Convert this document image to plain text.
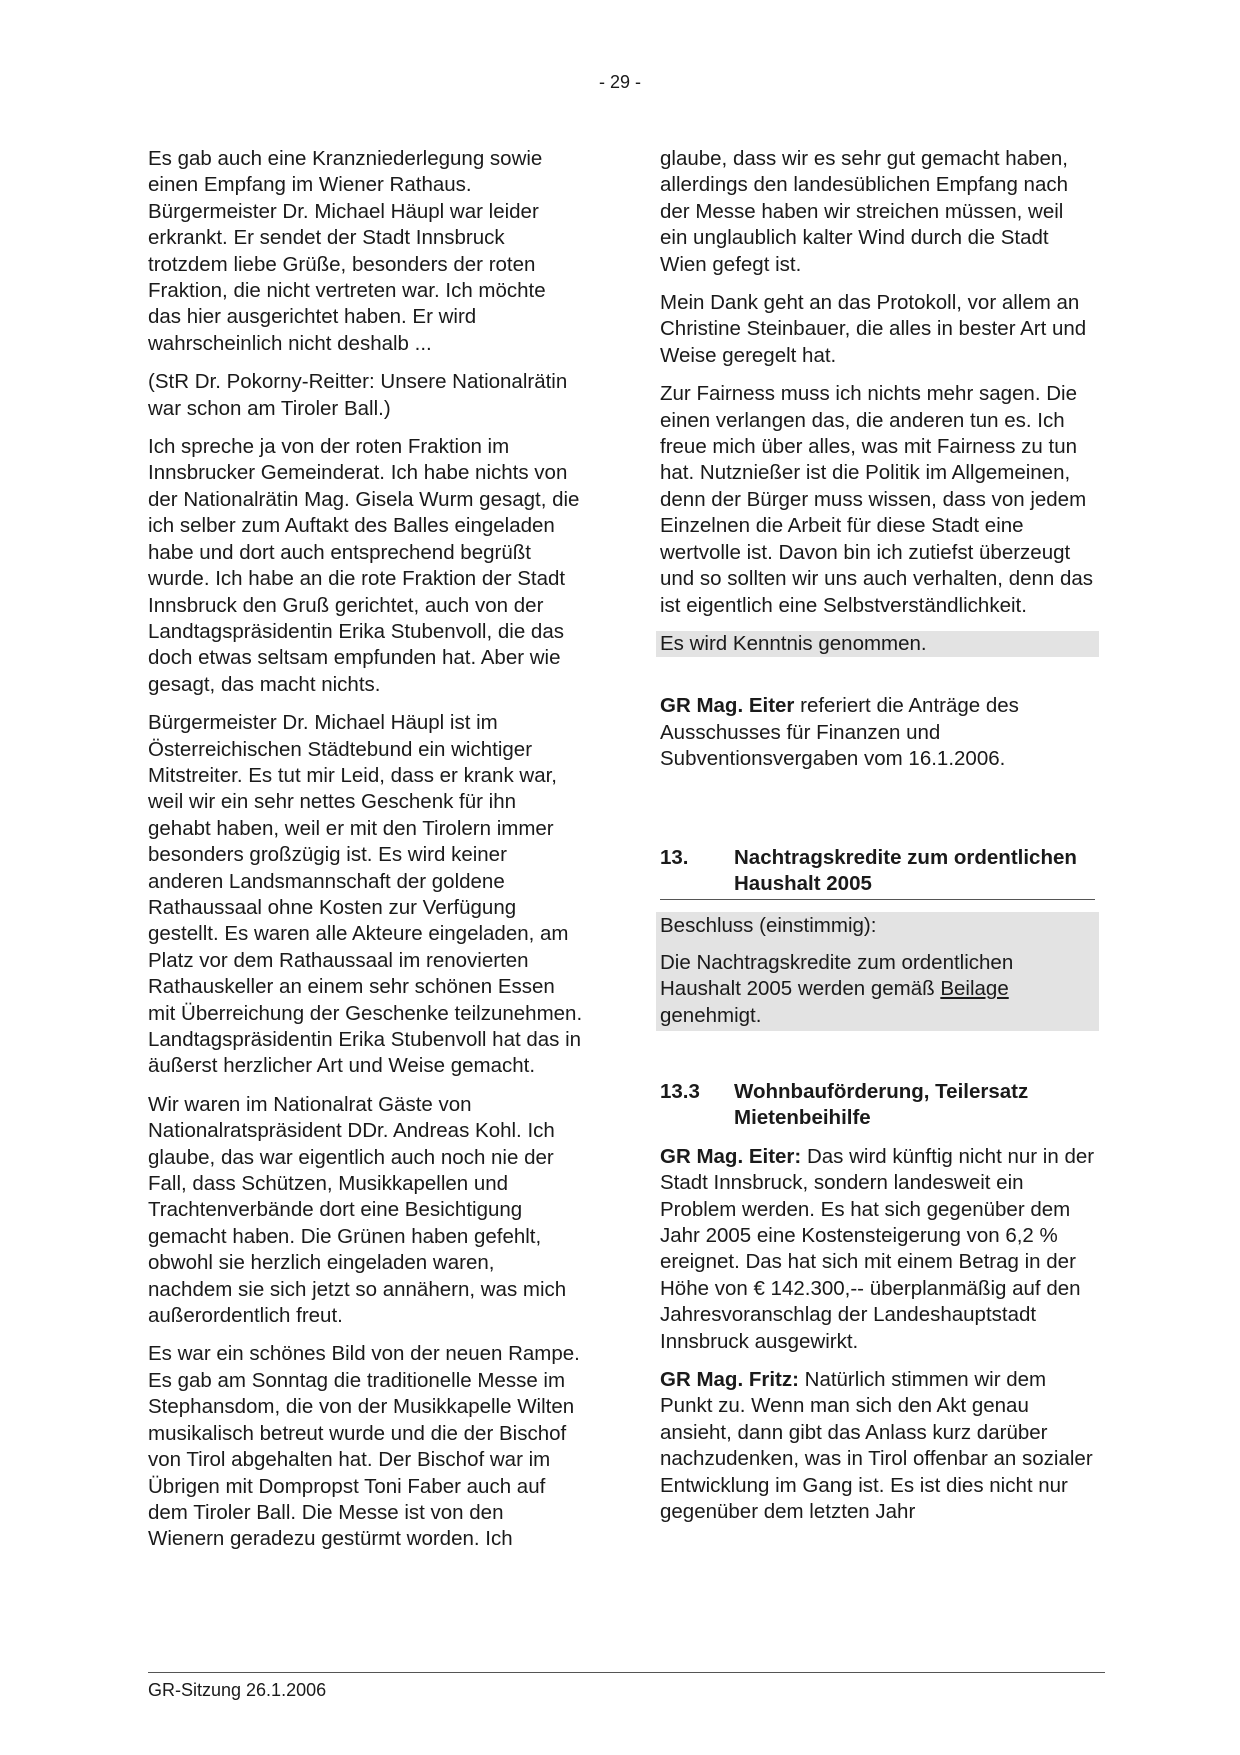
- 29 -

Es gab auch eine Kranzniederlegung sowie einen Empfang im Wiener Rathaus. Bürgermeister Dr. Michael Häupl war leider erkrankt. Er sendet der Stadt Innsbruck trotzdem liebe Grüße, besonders der roten Fraktion, die nicht vertreten war. Ich möchte das hier ausgerichtet haben. Er wird wahrscheinlich nicht deshalb ...

(StR Dr. Pokorny-Reitter: Unsere Nationalrätin war schon am Tiroler Ball.)

Ich spreche ja von der roten Fraktion im Innsbrucker Gemeinderat. Ich habe nichts von der Nationalrätin Mag. Gisela Wurm gesagt, die ich selber zum Auftakt des Balles eingeladen habe und dort auch entsprechend begrüßt wurde. Ich habe an die rote Fraktion der Stadt Innsbruck den Gruß gerichtet, auch von der Landtagspräsidentin Erika Stubenvoll, die das doch etwas seltsam empfunden hat. Aber wie gesagt, das macht nichts.

Bürgermeister Dr. Michael Häupl ist im Österreichischen Städtebund ein wichtiger Mitstreiter. Es tut mir Leid, dass er krank war, weil wir ein sehr nettes Geschenk für ihn gehabt haben, weil er mit den Tirolern immer besonders großzügig ist. Es wird keiner anderen Landsmannschaft der goldene Rathaussaal ohne Kosten zur Verfügung gestellt. Es waren alle Akteure eingeladen, am Platz vor dem Rathaussaal im renovierten Rathauskeller an einem sehr schönen Essen mit Überreichung der Geschenke teilzunehmen. Landtagspräsidentin Erika Stubenvoll hat das in äußerst herzlicher Art und Weise gemacht.

Wir waren im Nationalrat Gäste von Nationalratspräsident DDr. Andreas Kohl. Ich glaube, das war eigentlich auch noch nie der Fall, dass Schützen, Musikkapellen und Trachtenverbände dort eine Besichtigung gemacht haben. Die Grünen haben gefehlt, obwohl sie herzlich eingeladen waren, nachdem sie sich jetzt so annähern, was mich außerordentlich freut.

Es war ein schönes Bild von der neuen Rampe. Es gab am Sonntag die traditionelle Messe im Stephansdom, die von der Musikkapelle Wilten musikalisch betreut wurde und die der Bischof von Tirol abgehalten hat. Der Bischof war im Übrigen mit Dompropst Toni Faber auch auf dem Tiroler Ball. Die Messe ist von den Wienern geradezu gestürmt worden. Ich

glaube, dass wir es sehr gut gemacht haben, allerdings den landesüblichen Empfang nach der Messe haben wir streichen müssen, weil ein unglaublich kalter Wind durch die Stadt Wien gefegt ist.

Mein Dank geht an das Protokoll, vor allem an Christine Steinbauer, die alles in bester Art und Weise geregelt hat.

Zur Fairness muss ich nichts mehr sagen. Die einen verlangen das, die anderen tun es. Ich freue mich über alles, was mit Fairness zu tun hat. Nutznießer ist die Politik im Allgemeinen, denn der Bürger muss wissen, dass von jedem Einzelnen die Arbeit für diese Stadt eine wertvolle ist. Davon bin ich zutiefst überzeugt und so sollten wir uns auch verhalten, denn das ist eigentlich eine Selbstverständlichkeit.

Es wird Kenntnis genommen.

GR Mag. Eiter referiert die Anträge des Ausschusses für Finanzen und Subventionsvergaben vom 16.1.2006.

13.	Nachtragskredite zum ordentlichen Haushalt 2005

Beschluss (einstimmig):

Die Nachtragskredite zum ordentlichen Haushalt 2005 werden gemäß Beilage
genehmigt.

13.3	Wohnbauförderung, Teilersatz Mietenbeihilfe

GR Mag. Eiter: Das wird künftig nicht nur in der Stadt Innsbruck, sondern landesweit ein Problem werden. Es hat sich gegenüber dem Jahr 2005 eine Kostensteigerung von 6,2 % ereignet. Das hat sich mit einem Betrag in der Höhe von € 142.300,-- überplanmäßig auf den Jahresvoranschlag der Landeshauptstadt Innsbruck ausgewirkt.

GR Mag. Fritz: Natürlich stimmen wir dem Punkt zu. Wenn man sich den Akt genau ansieht, dann gibt das Anlass kurz darüber nachzudenken, was in Tirol offenbar an sozialer Entwicklung im Gang ist. Es ist dies nicht nur gegenüber dem letzten Jahr

GR-Sitzung 26.1.2006
